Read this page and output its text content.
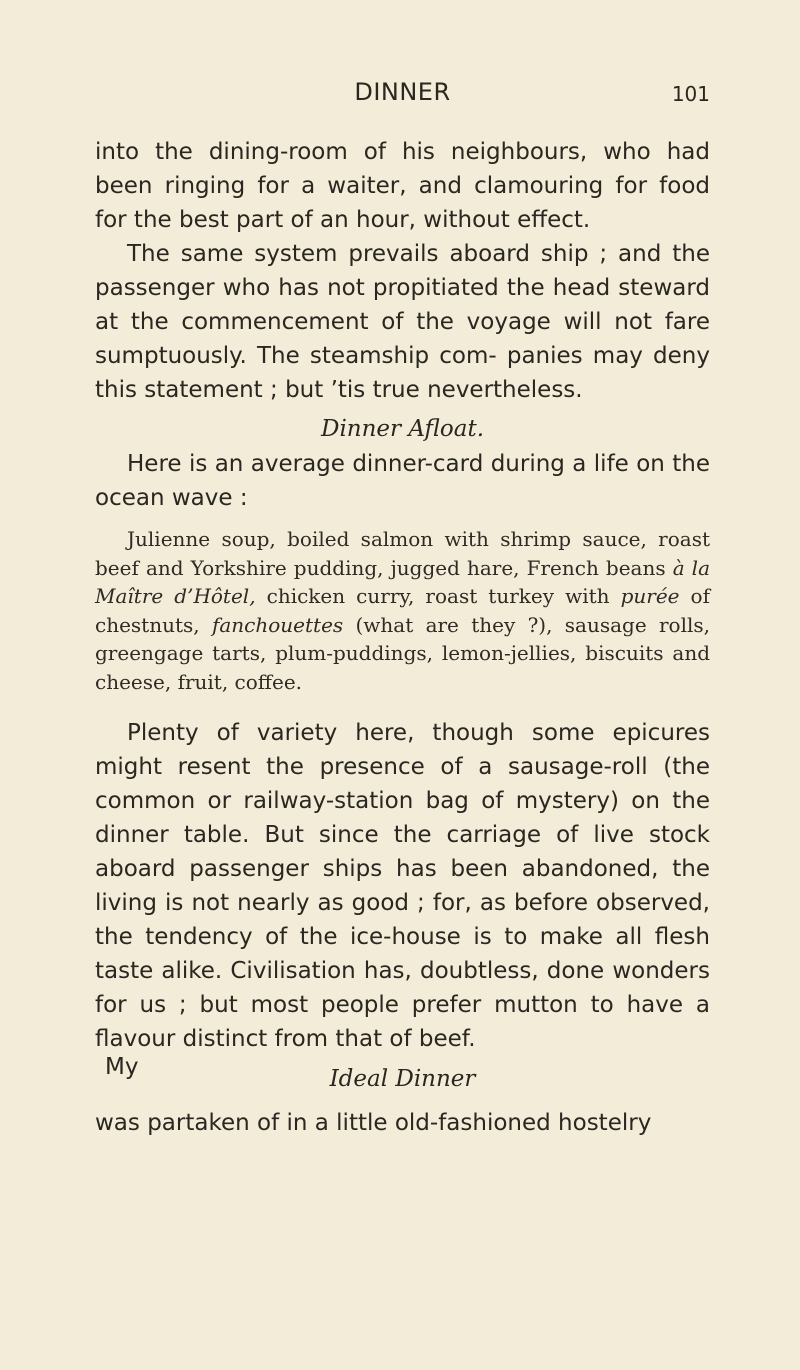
DINNER	101

into the dining-room of his neighbours, who had been ringing for a waiter, and clamouring for food for the best part of an hour, without effect.

The same system prevails aboard ship ; and the passenger who has not propitiated the head steward at the commencement of the voyage will not fare sumptuously. The steamship com- panies may deny this statement ; but ’tis true nevertheless.

Dinner Afloat.

Here is an average dinner-card during a life on the ocean wave :

Julienne soup, boiled salmon with shrimp sauce, roast beef and Yorkshire pudding, jugged hare, French beans à la Maître d’Hôtel, chicken curry, roast turkey with purée of chestnuts, fanchouettes (what are they ?), sausage rolls, greengage tarts, plum-puddings, lemon-jellies, biscuits and cheese, fruit, coffee.

Plenty of variety here, though some epicures might resent the presence of a sausage-roll (the common or railway-station bag of mystery) on the dinner table. But since the carriage of live stock aboard passenger ships has been abandoned, the living is not nearly as good ; for, as before observed, the tendency of the ice-house is to make all flesh taste alike. Civilisation has, doubtless, done wonders for us ; but most people prefer mutton to have a flavour distinct from that of beef.

My	Ideal Dinner

was partaken of in a little old-fashioned hostelry
